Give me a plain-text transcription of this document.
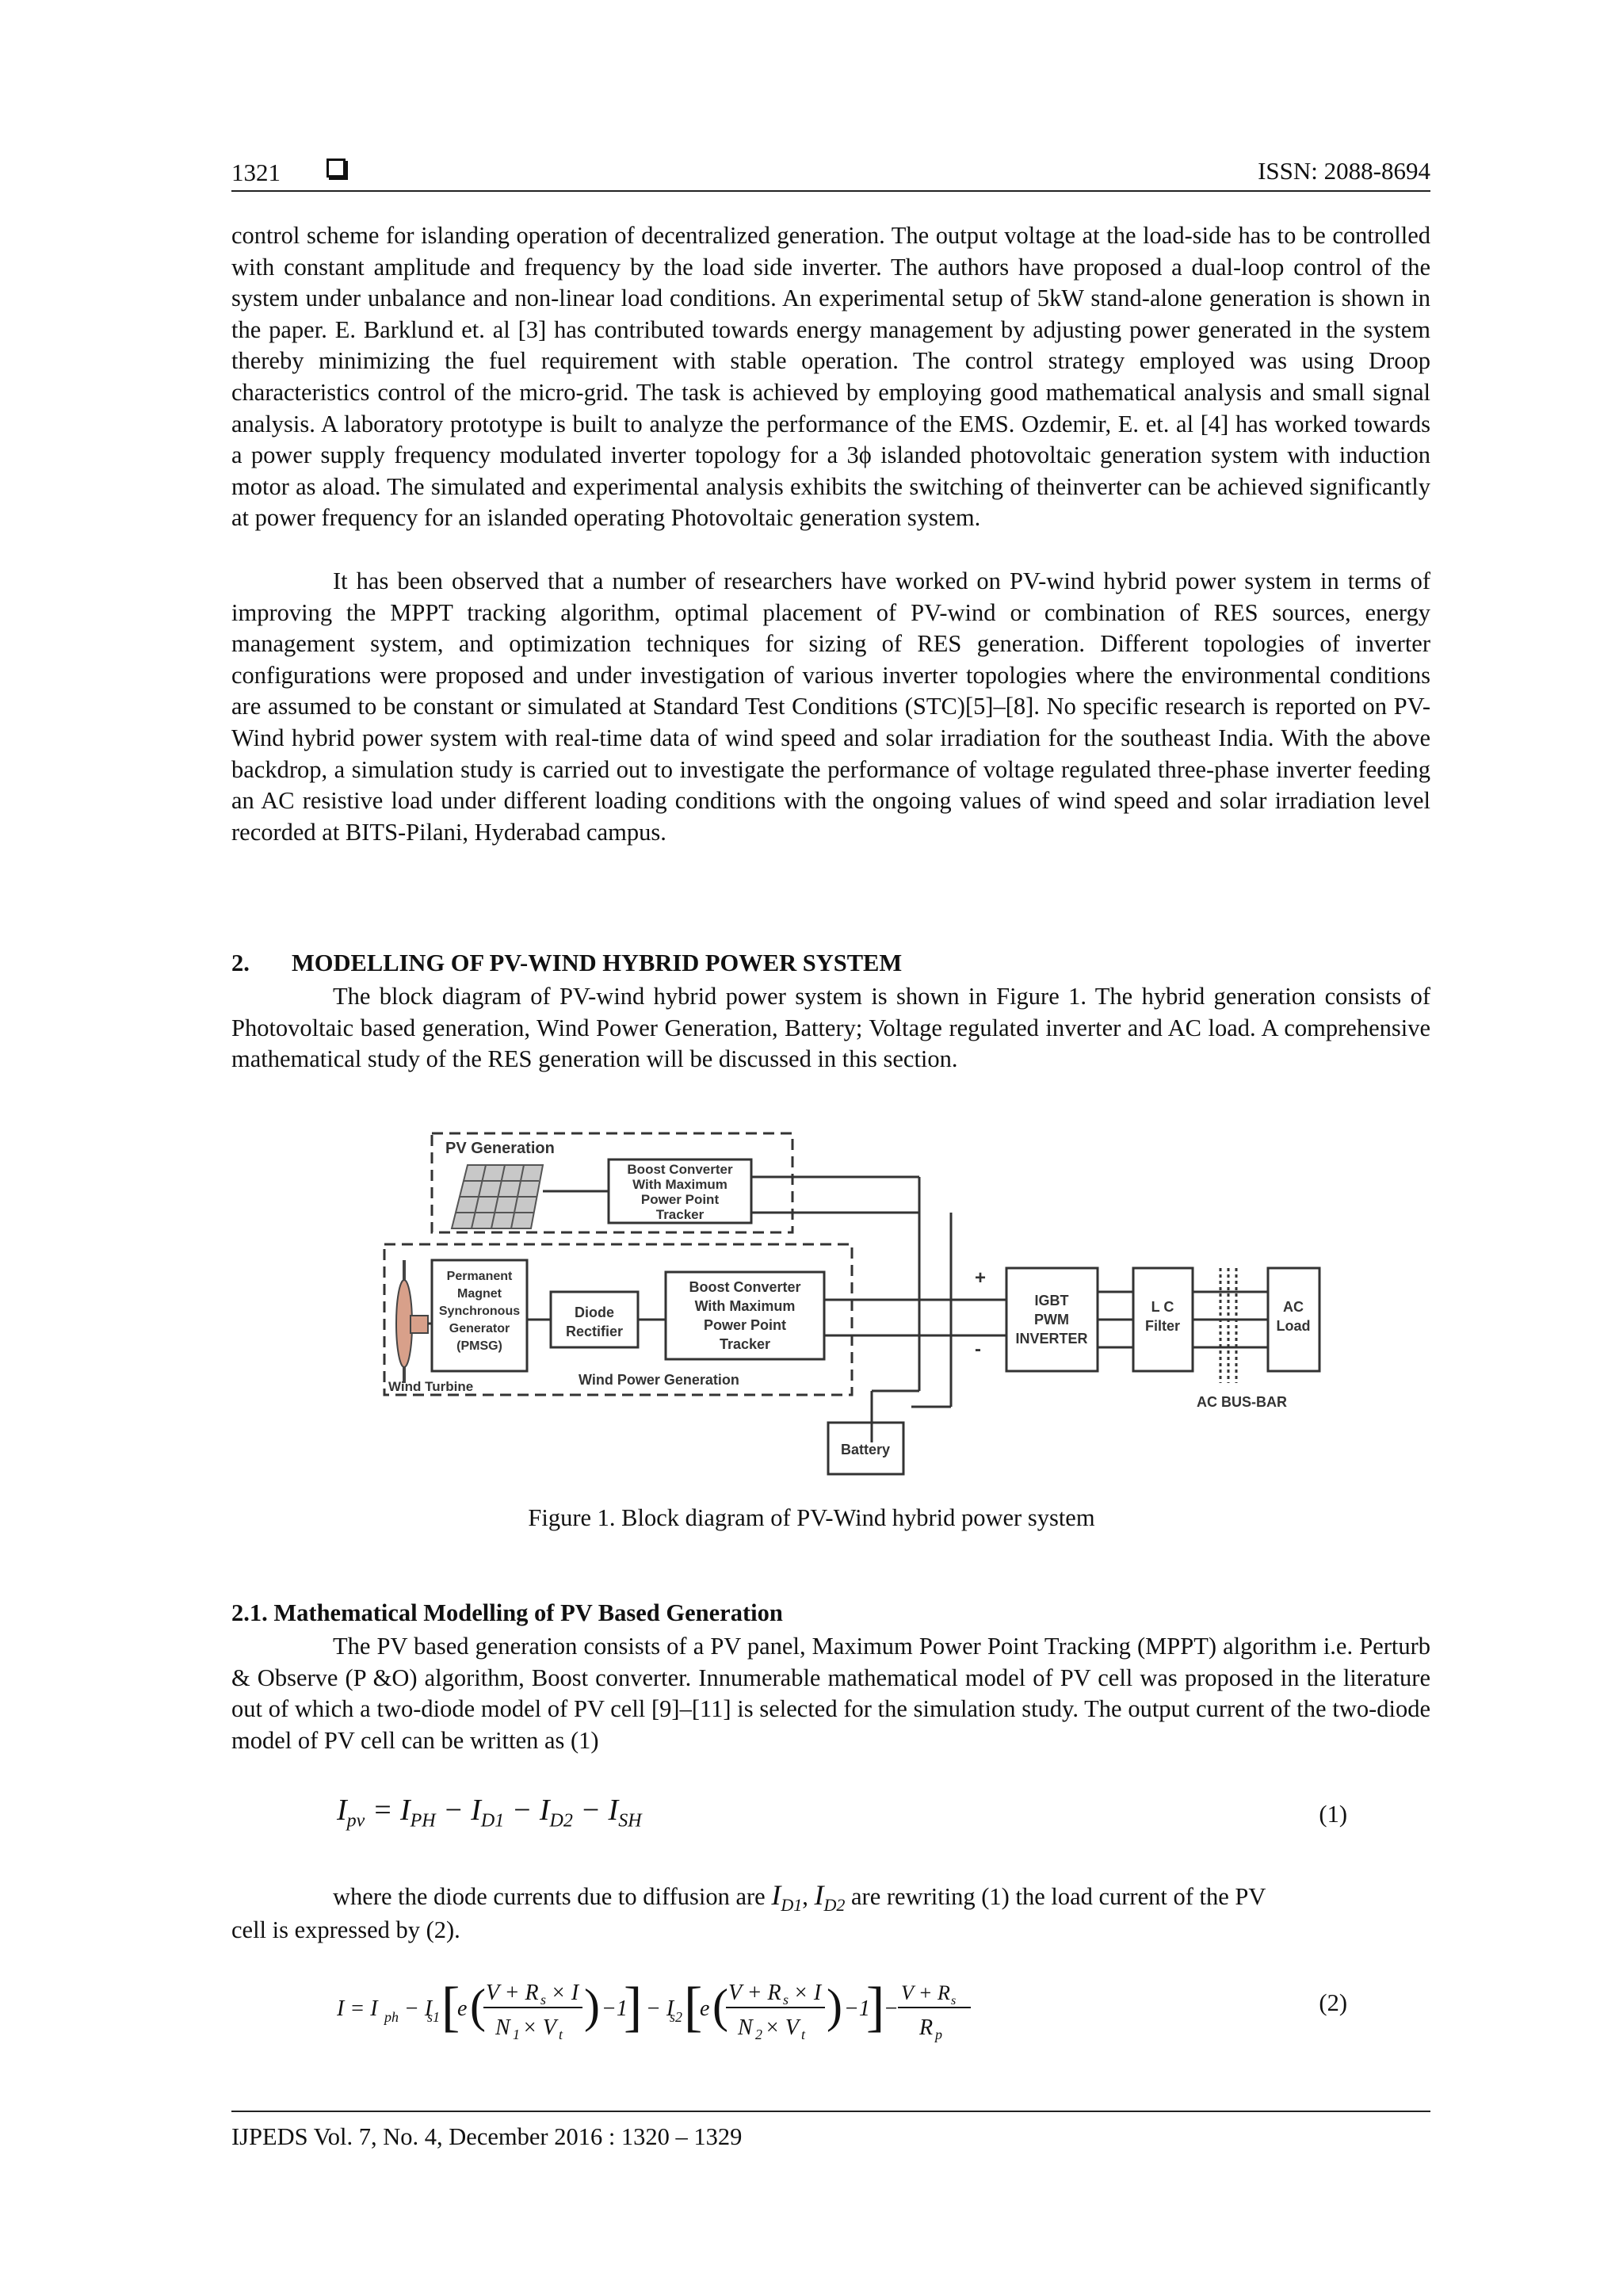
1321	ISSN: 2088-8694

control scheme for islanding operation of decentralized generation. The output voltage at the load-side has to be controlled with constant amplitude and frequency by the load side inverter. The authors have proposed a dual-loop control of the system under unbalance and non-linear load conditions. An experimental setup of 5kW stand-alone generation is shown in the paper. E. Barklund et. al [3] has contributed towards energy management by adjusting power generated in the system thereby minimizing the fuel requirement with stable operation. The control strategy employed was using Droop characteristics control of the micro-grid. The task is achieved by employing good mathematical analysis and small signal analysis. A laboratory prototype is built to analyze the performance of the EMS. Ozdemir, E. et. al [4] has worked towards a power supply frequency modulated inverter topology for a 3ϕ islanded photovoltaic generation system with induction motor as aload. The simulated and experimental analysis exhibits the switching of theinverter can be achieved significantly at power frequency for an islanded operating Photovoltaic generation system.

It has been observed that a number of researchers have worked on PV-wind hybrid power system in terms of improving the MPPT tracking algorithm, optimal placement of PV-wind or combination of RES sources, energy management system, and optimization techniques for sizing of RES generation. Different topologies of inverter configurations were proposed and under investigation of various inverter topologies where the environmental conditions are assumed to be constant or simulated at Standard Test Conditions (STC)[5]–[8]. No specific research is reported on PV-Wind hybrid power system with real-time data of wind speed and solar irradiation for the southeast India. With the above backdrop, a simulation study is carried out to investigate the performance of voltage regulated three-phase inverter feeding an AC resistive load under different loading conditions with the ongoing values of wind speed and solar irradiation level recorded at BITS-Pilani, Hyderabad campus.

2. MODELLING OF PV-WIND HYBRID POWER SYSTEM

The block diagram of PV-wind hybrid power system is shown in Figure 1. The hybrid generation consists of Photovoltaic based generation, Wind Power Generation, Battery; Voltage regulated inverter and AC load. A comprehensive mathematical study of the RES generation will be discussed in this section.

PV Generation
Boost Converter
With Maximum
Power Point
Tracker
Wind Turbine
Permanent
Magnet
Synchronous
Generator
(PMSG)
Diode
Rectifier
Boost Converter
With Maximum
Power Point
Tracker
Wind Power Generation
+
-
Battery
IGBT
PWM
INVERTER
L C
Filter
AC BUS-BAR
AC
Load

Figure 1. Block diagram of PV-Wind hybrid power system

2.1. Mathematical Modelling of PV Based Generation

The PV based generation consists of a PV panel, Maximum Power Point Tracking (MPPT) algorithm i.e. Perturb & Observe (P &O) algorithm, Boost converter. Innumerable mathematical model of PV cell was proposed in the literature out of which a two-diode model of PV cell [9]–[11] is selected for the simulation study. The output current of the two-diode model of PV cell can be written as (1)

$I_{pv} = I_{PH} - I_{D1} - I_{D2} - I_{SH}$	(1)
where the diode currents due to diffusion are $I_{D1}$, $I_{D2}$ are rewriting (1) the load current of the PV

cell is expressed by (2).

I = I ph − I
s1 [
e ( V + R s × I
N 1 × V t
) −1
] − I
s2 [
e ( V + R s × I
N 2 × V t
) −1
]
−
V + R s
R p
(2)
IJPEDS Vol. 7, No. 4, December 2016 : 1320 – 1329
